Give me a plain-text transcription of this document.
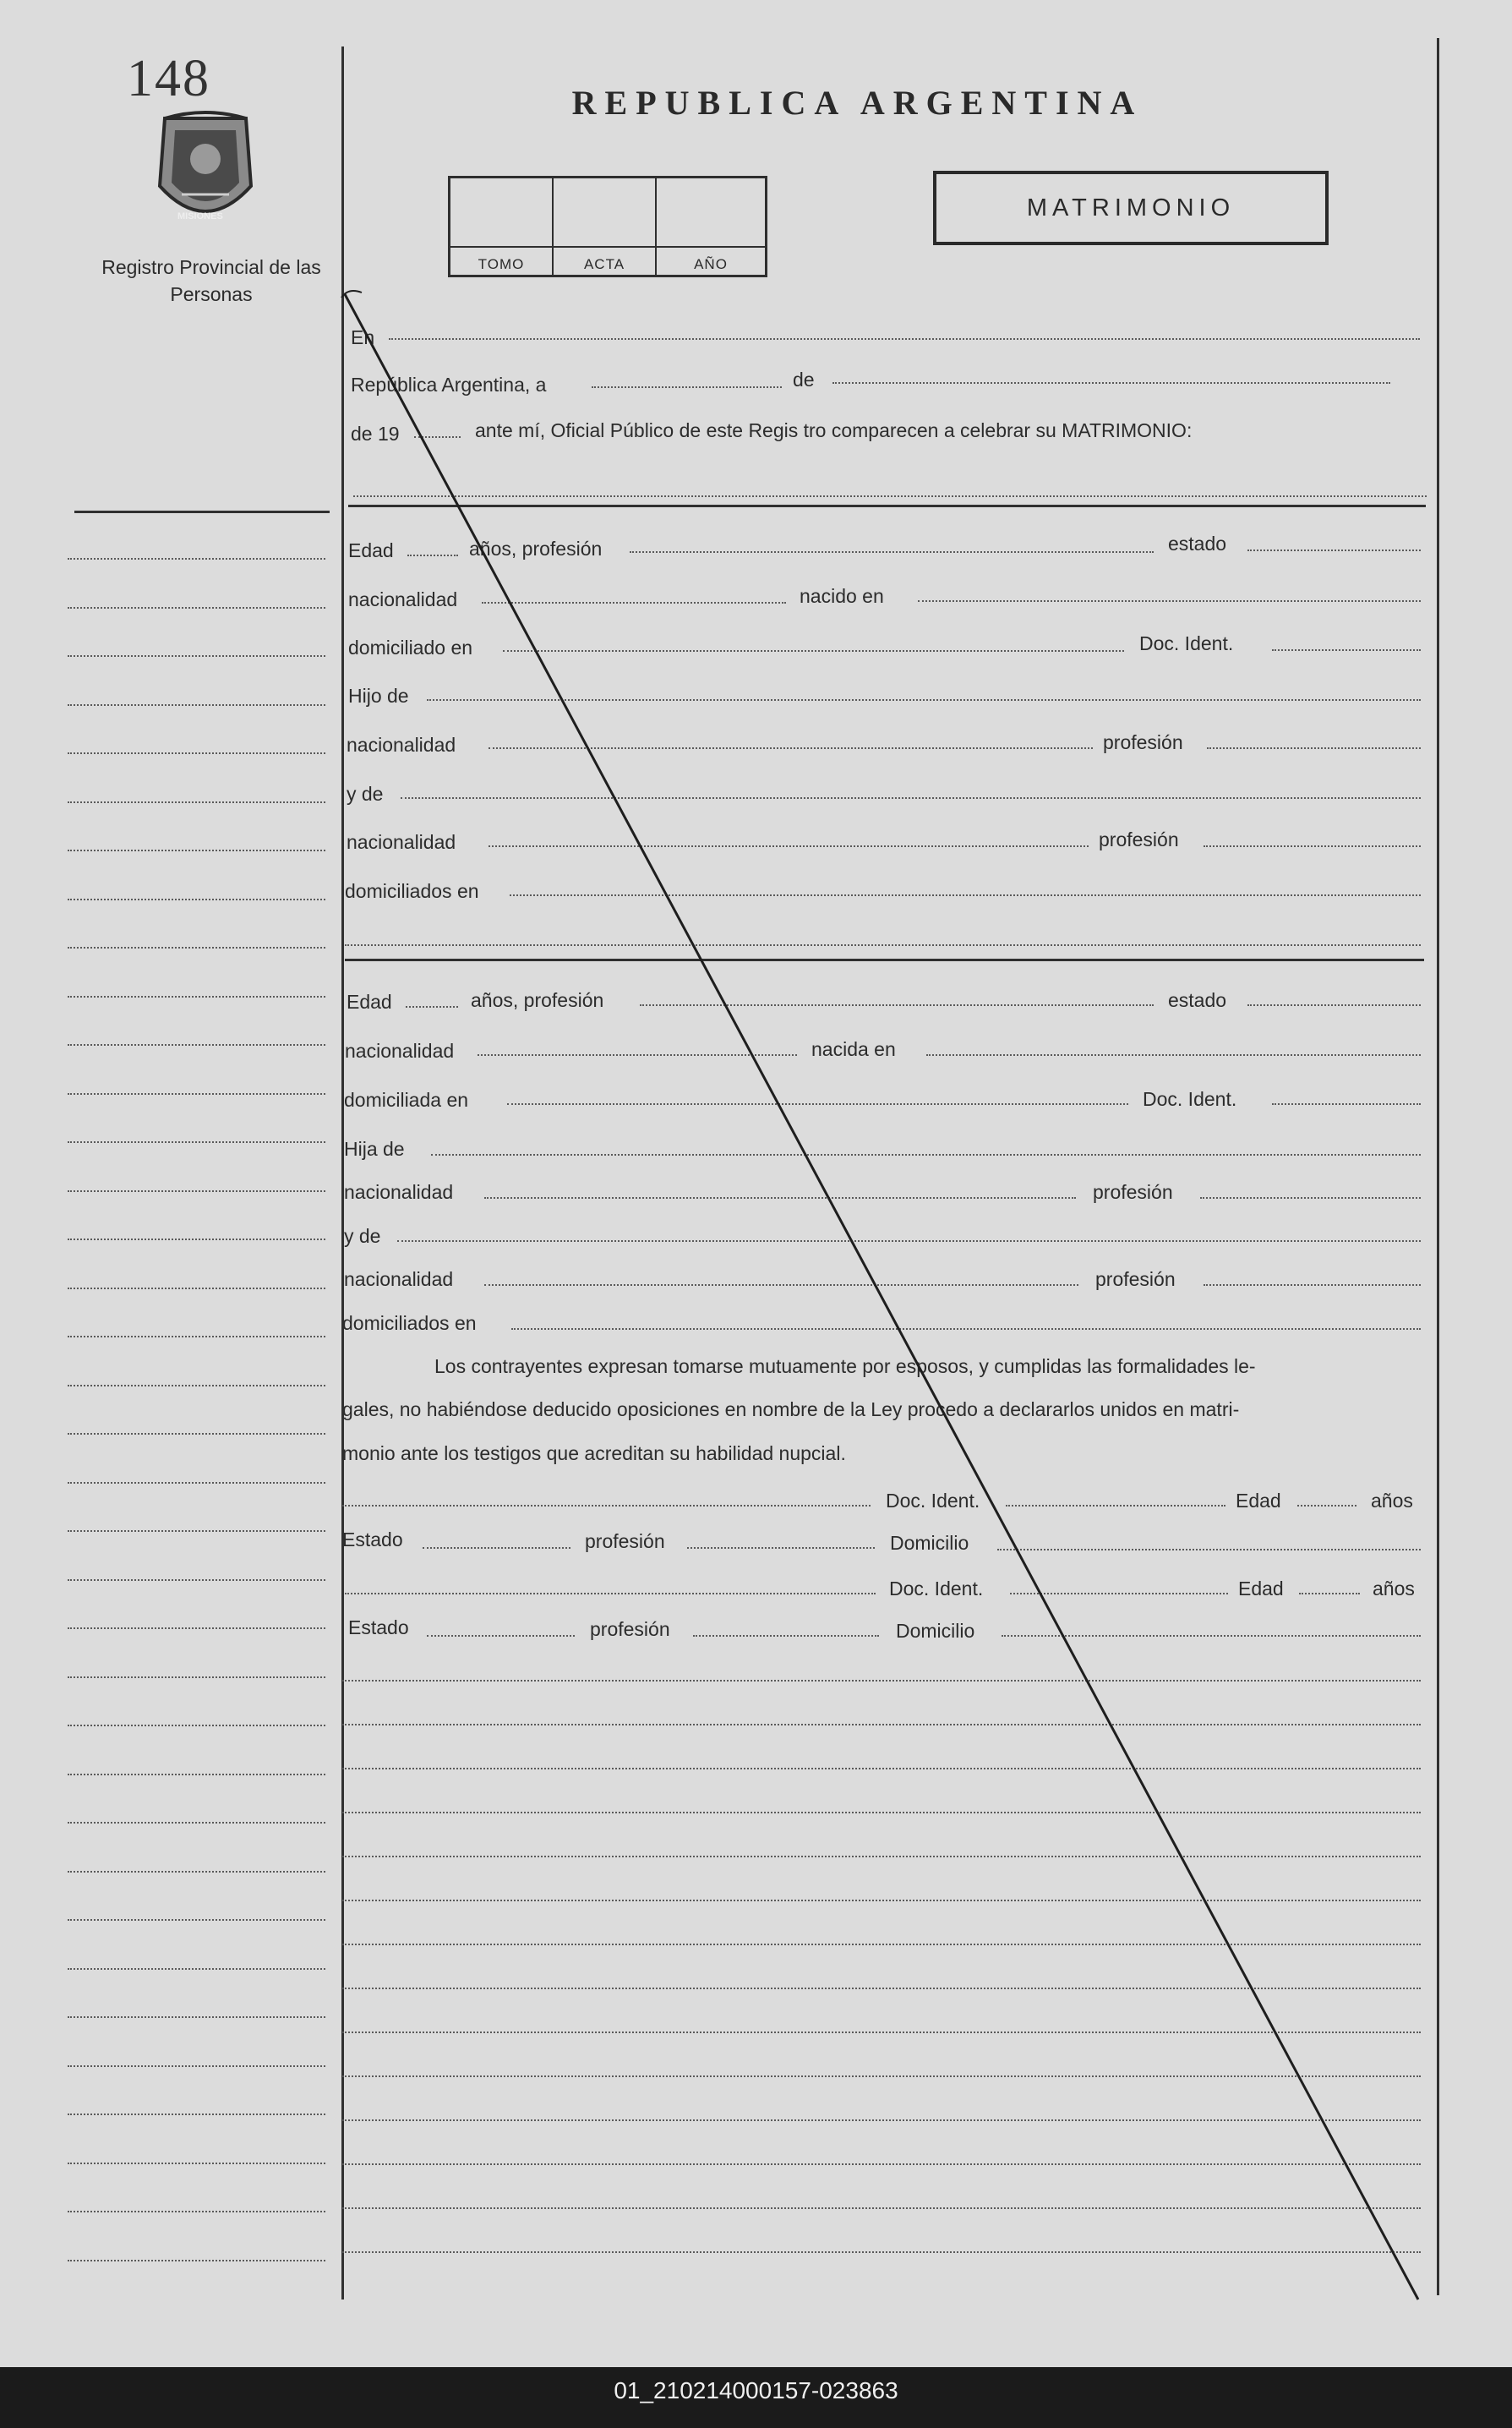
148
MISIONES
Registro Provincial de las Personas
REPUBLICA ARGENTINA
TOMO	ACTA	AÑO
MATRIMONIO
En
República Argentina, a	de
de 19	ante mí, Oficial Público de este Regis tro comparecen a celebrar su MATRIMONIO:
Edad	años, profesión	estado
nacionalidad	nacido en
domiciliado en	Doc. Ident.
Hijo de
nacionalidad	profesión
y de
nacionalidad	profesión
domiciliados en
Edad	años, profesión	estado
nacionalidad	nacida en
domiciliada en	Doc. Ident.
Hija de
nacionalidad	profesión
y de
nacionalidad	profesión
domiciliados en
Los contrayentes expresan tomarse mutuamente por esposos, y cumplidas las formalidades le-
gales, no habiéndose deducido oposiciones en nombre de la Ley procedo a declararlos unidos en matri-
monio ante los testigos que acreditan su habilidad nupcial.
Doc. Ident.	Edad	años
Estado	profesión	Domicilio
Doc. Ident.	Edad	años
Estado	profesión	Domicilio
01_210214000157-023863
